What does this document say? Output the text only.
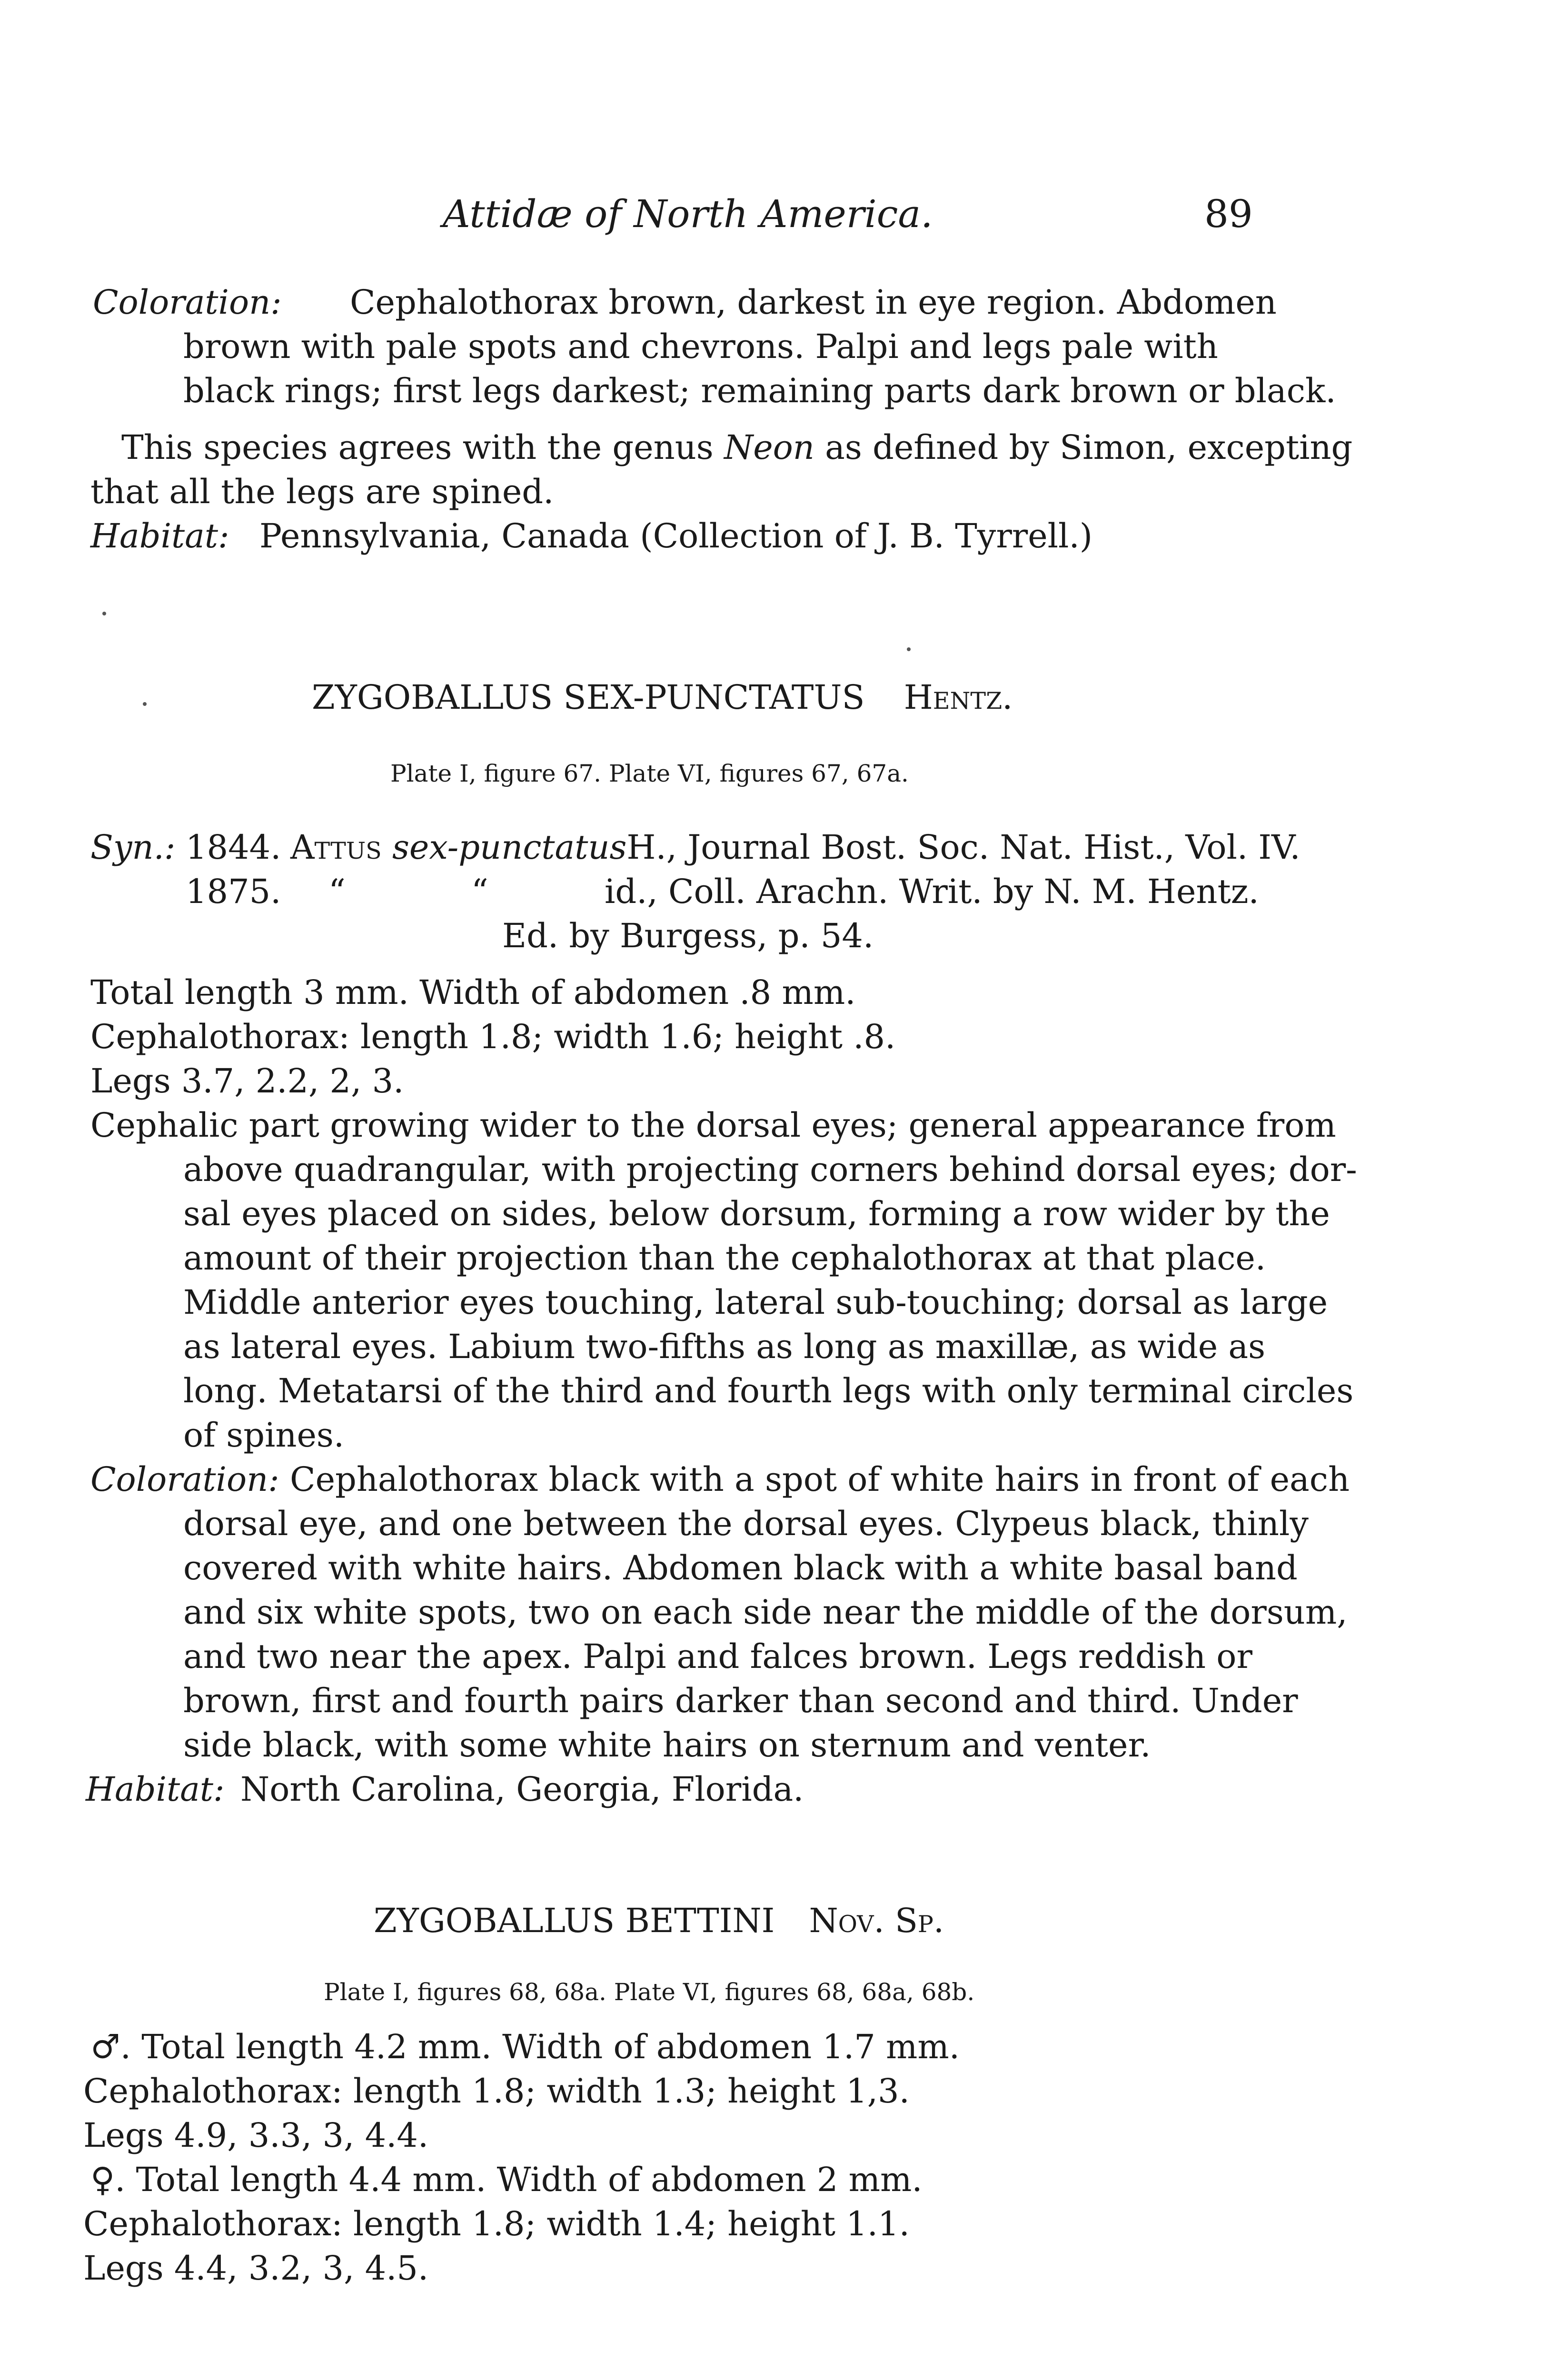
Attidæ of North America.	89
Coloration: Cephalothorax brown, darkest in eye region. Abdomen
brown with pale spots and chevrons. Palpi and legs pale with
black rings; first legs darkest; remaining parts dark brown or black.
This species agrees with the genus Neon as defined by Simon, excepting
that all the legs are spined.
Habitat: Pennsylvania, Canada (Collection of J. B. Tyrrell.)
ZYGOBALLUS SEX-PUNCTATUS Hentz.
Plate I, figure 67. Plate VI, figures 67, 67a.
Syn.: 1844. Attus sex-punctatusH., Journal Bost. Soc. Nat. Hist., Vol. IV.
1875. “	“	id., Coll. Arachn. Writ. by N. M. Hentz.
Ed. by Burgess, p. 54.
Total length 3 mm. Width of abdomen .8 mm.
Cephalothorax: length 1.8; width 1.6; height .8.
Legs 3.7, 2.2, 2, 3.
Cephalic part growing wider to the dorsal eyes; general appearance from
above quadrangular, with projecting corners behind dorsal eyes; dor-
sal eyes placed on sides, below dorsum, forming a row wider by the
amount of their projection than the cephalothorax at that place.
Middle anterior eyes touching, lateral sub-touching; dorsal as large
as lateral eyes. Labium two-fifths as long as maxillæ, as wide as
long. Metatarsi of the third and fourth legs with only terminal circles
of spines.
Coloration: Cephalothorax black with a spot of white hairs in front of each
dorsal eye, and one between the dorsal eyes. Clypeus black, thinly
covered with white hairs. Abdomen black with a white basal band
and six white spots, two on each side near the middle of the dorsum,
and two near the apex. Palpi and falces brown. Legs reddish or
brown, first and fourth pairs darker than second and third. Under
side black, with some white hairs on sternum and venter.
Habitat: North Carolina, Georgia, Florida.
ZYGOBALLUS BETTINI Nov. Sp.
Plate I, figures 68, 68a. Plate VI, figures 68, 68a, 68b.
♂. Total length 4.2 mm. Width of abdomen 1.7 mm.
Cephalothorax: length 1.8; width 1.3; height 1,3.
Legs 4.9, 3.3, 3, 4.4.
♀. Total length 4.4 mm. Width of abdomen 2 mm.
Cephalothorax: length 1.8; width 1.4; height 1.1.
Legs 4.4, 3.2, 3, 4.5.
